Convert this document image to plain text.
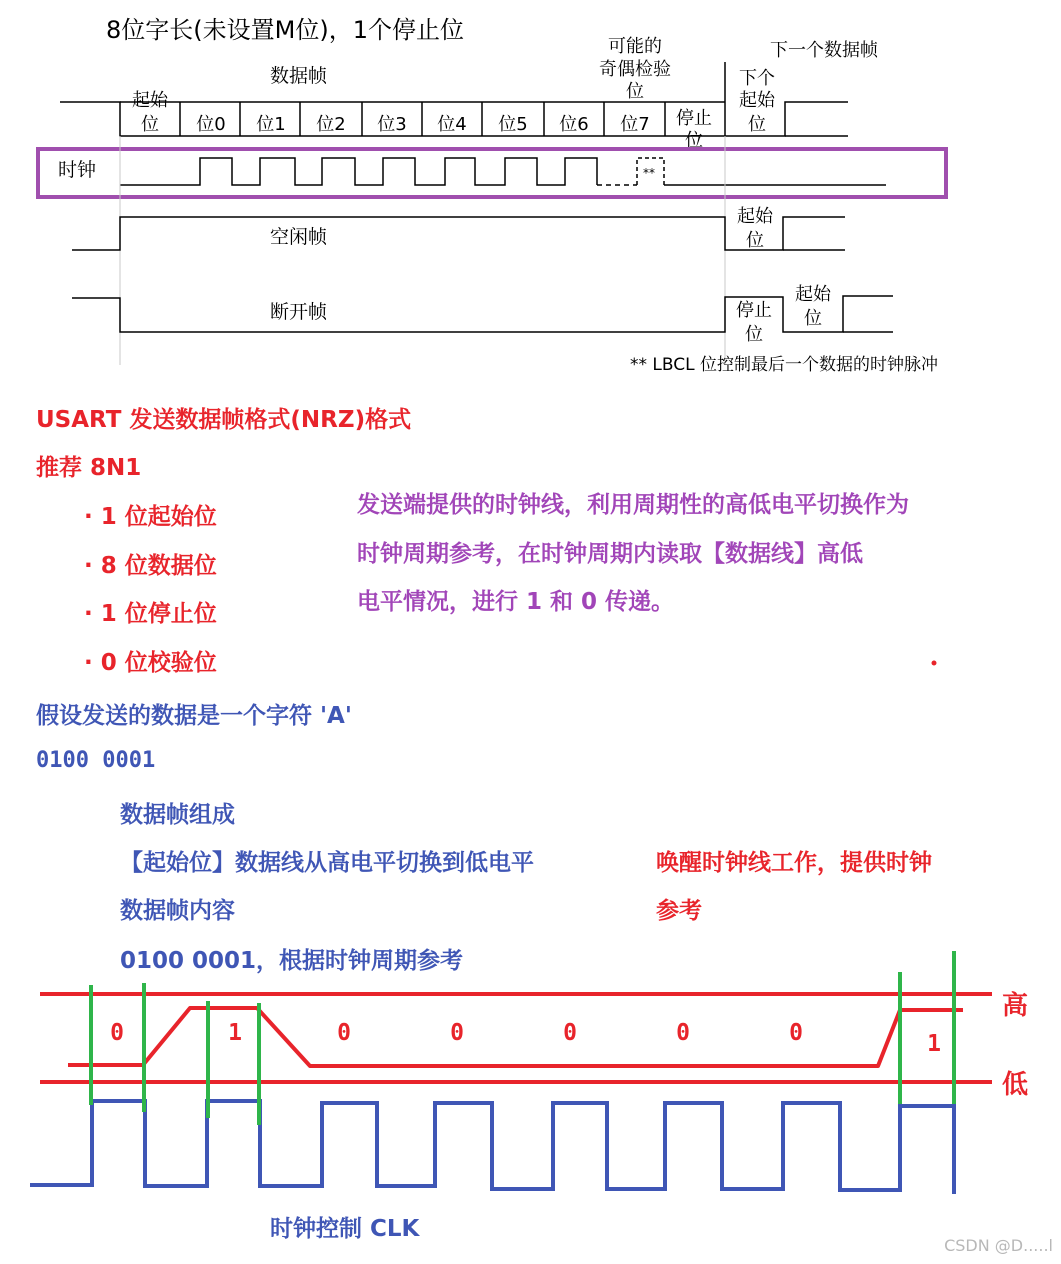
数据帧
可能的
奇偶检验
位
下一个数据帧
起始
位 位0 位1 位2 位3 位4 位5 位6 位7 停止
位
下个
起始
位
时钟	**
空闲帧
起始
位
断开帧	停止
位
起始
位
** LBCL 位控制最后一个数据的时钟脉冲
8位字长(未设置M位)，1个停止位
USART 发送数据帧格式(NRZ)格式
推荐 8N1
· 1 位起始位
· 8 位数据位
· 1 位停止位
· 0 位校验位
发送端提供的时钟线，利用周期性的高低电平切换作为
时钟周期参考，在时钟周期内读取【数据线】高低
电平情况，进行 1 和 0 传递。
假设发送的数据是一个字符 'A'
0100 0001
数据帧组成
【起始位】数据线从高电平切换到低电平	唤醒时钟线工作，提供时钟
参考
数据帧内容
0100 0001，根据时钟周期参考
0	1	0	0	0	0	0	1
高
低
时钟控制 CLK
CSDN @D.....l
